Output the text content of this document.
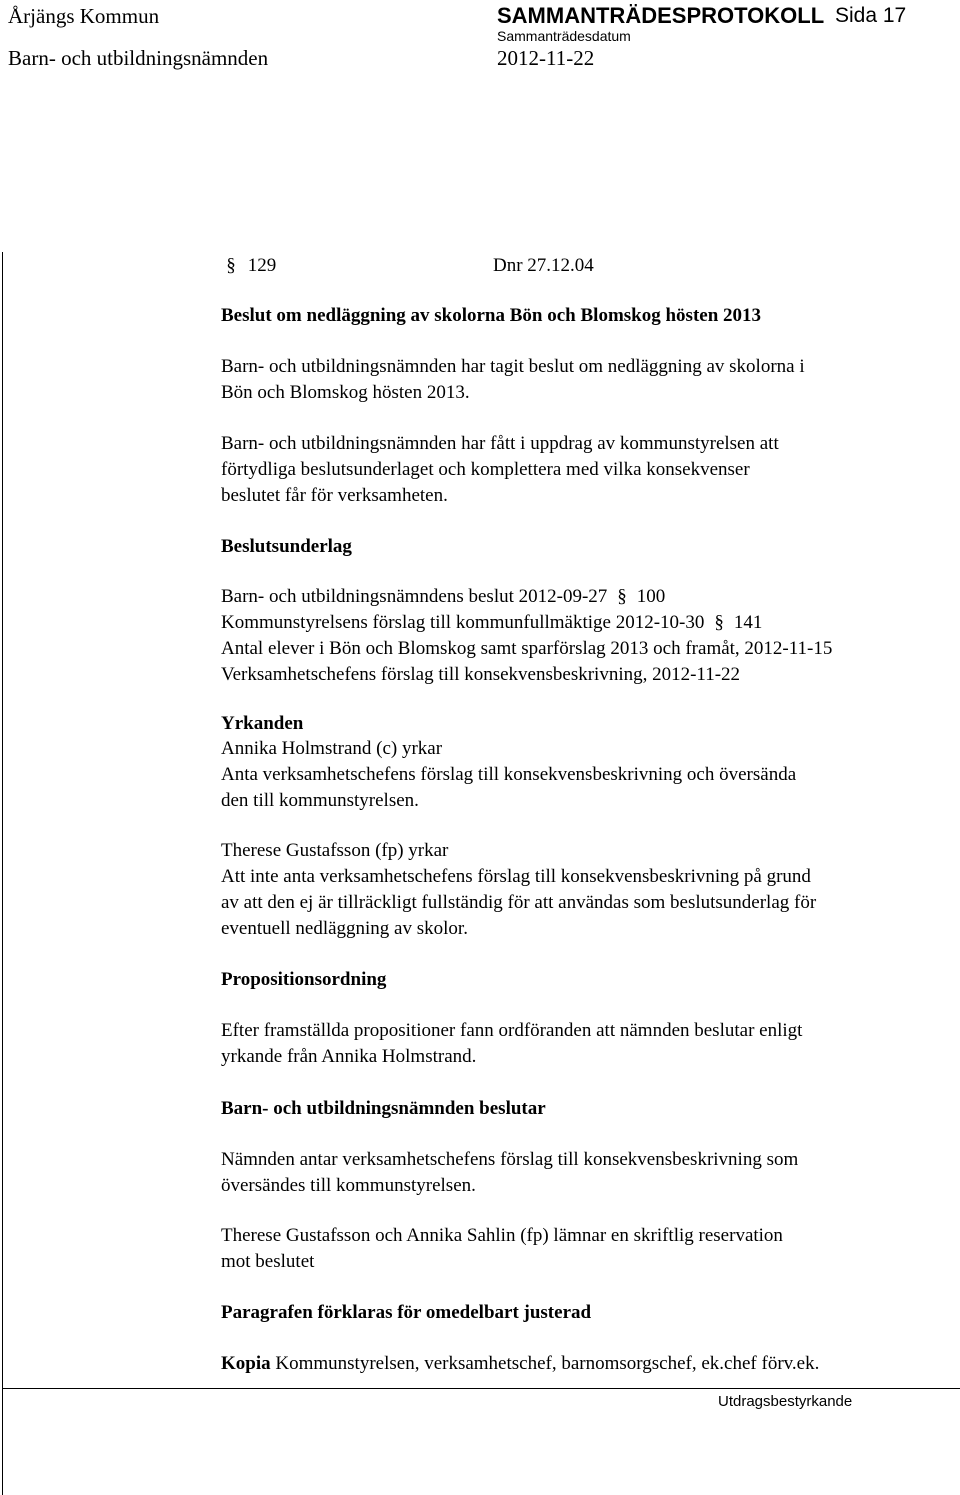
Årjängs Kommun	SAMMANTRÄDESPROTOKOLL Sida 17
Barn- och utbildningsnämnden
Sammanträdesdatum
2012-11-22
§ 129	Dnr 27.12.04
Beslut om nedläggning av skolorna Bön och Blomskog hösten 2013
Barn- och utbildningsnämnden har tagit beslut om nedläggning av skolorna i
Bön och Blomskog hösten 2013.
Barn- och utbildningsnämnden har fått i uppdrag av kommunstyrelsen att
förtydliga beslutsunderlaget och komplettera med vilka konsekvenser
beslutet får för verksamheten.
Beslutsunderlag
Barn- och utbildningsnämndens beslut 2012-09-27 § 100
Kommunstyrelsens förslag till kommunfullmäktige 2012-10-30 § 141
Antal elever i Bön och Blomskog samt sparförslag 2013 och framåt, 2012-11-15
Verksamhetschefens förslag till konsekvensbeskrivning, 2012-11-22
Yrkanden
Annika Holmstrand (c) yrkar
Anta verksamhetschefens förslag till konsekvensbeskrivning och översända
den till kommunstyrelsen.
Therese Gustafsson (fp) yrkar
Att inte anta verksamhetschefens förslag till konsekvensbeskrivning på grund
av att den ej är tillräckligt fullständig för att användas som beslutsunderlag för
eventuell nedläggning av skolor.
Propositionsordning
Efter framställda propositioner fann ordföranden att nämnden beslutar enligt
yrkande från Annika Holmstrand.
Barn- och utbildningsnämnden beslutar
Nämnden antar verksamhetschefens förslag till konsekvensbeskrivning som
översändes till kommunstyrelsen.
Therese Gustafsson och Annika Sahlin (fp) lämnar en skriftlig reservation
mot beslutet
Paragrafen förklaras för omedelbart justerad
Kopia Kommunstyrelsen, verksamhetschef, barnomsorgschef, ek.chef förv.ek.
Utdragsbestyrkande
